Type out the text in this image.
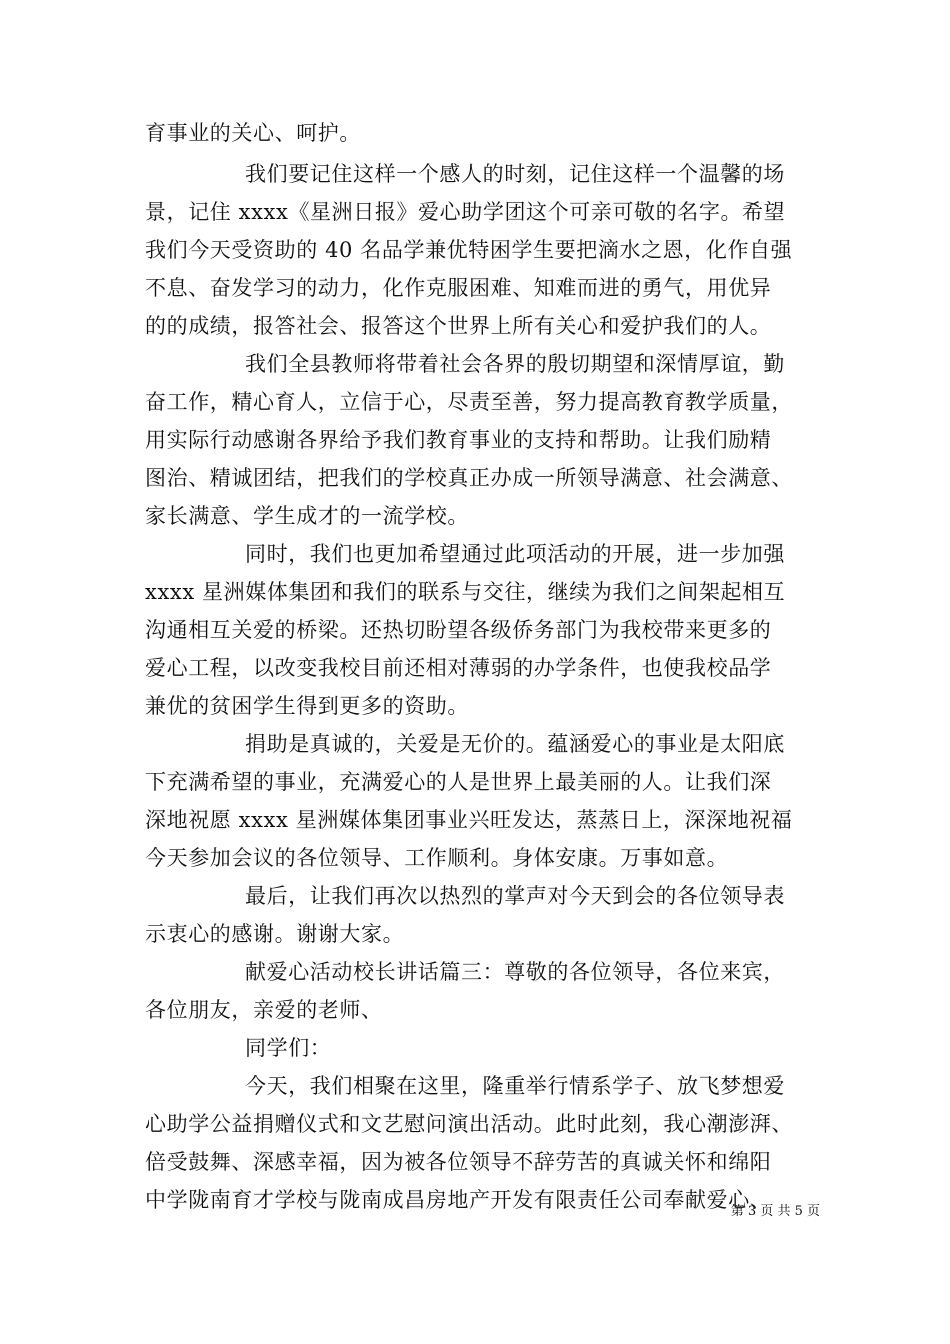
育事业的关心、呵护。
我们要记住这样一个感人的时刻，记住这样一个温馨的场
景，记住 xxxx《星洲日报》爱心助学团这个可亲可敬的名字。希望
我们今天受资助的 40 名品学兼优特困学生要把滴水之恩，化作自强
不息、奋发学习的动力，化作克服困难、知难而进的勇气，用优异
的的成绩，报答社会、报答这个世界上所有关心和爱护我们的人。
我们全县教师将带着社会各界的殷切期望和深情厚谊，勤
奋工作，精心育人，立信于心，尽责至善，努力提高教育教学质量，
用实际行动感谢各界给予我们教育事业的支持和帮助。让我们励精
图治、精诚团结，把我们的学校真正办成一所领导满意、社会满意、
家长满意、学生成才的一流学校。
同时，我们也更加希望通过此项活动的开展，进一步加强
xxxx 星洲媒体集团和我们的联系与交往，继续为我们之间架起相互
沟通相互关爱的桥梁。还热切盼望各级侨务部门为我校带来更多的
爱心工程，以改变我校目前还相对薄弱的办学条件，也使我校品学
兼优的贫困学生得到更多的资助。
捐助是真诚的，关爱是无价的。蕴涵爱心的事业是太阳底
下充满希望的事业，充满爱心的人是世界上最美丽的人。让我们深
深地祝愿 xxxx 星洲媒体集团事业兴旺发达，蒸蒸日上，深深地祝福
今天参加会议的各位领导、工作顺利。身体安康。万事如意。
最后，让我们再次以热烈的掌声对今天到会的各位领导表
示衷心的感谢。谢谢大家。
献爱心活动校长讲话篇三：尊敬的各位领导，各位来宾，
各位朋友，亲爱的老师、
同学们：
今天，我们相聚在这里，隆重举行情系学子、放飞梦想爱
心助学公益捐赠仪式和文艺慰问演出活动。此时此刻，我心潮澎湃、
倍受鼓舞、深感幸福，因为被各位领导不辞劳苦的真诚关怀和绵阳
中学陇南育才学校与陇南成昌房地产开发有限责任公司奉献爱心、
第 3 页 共 5 页
